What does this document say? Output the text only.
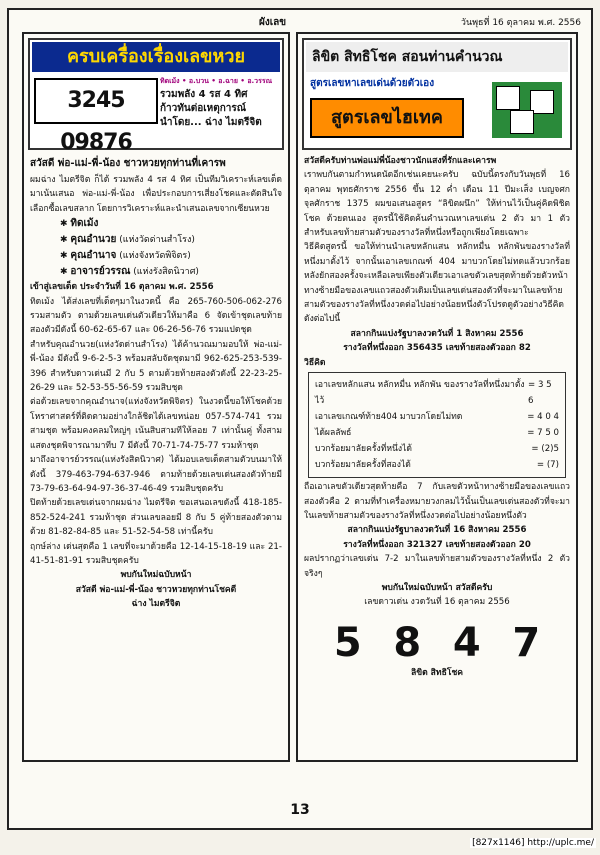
ผังเลข	วันพุธที่ 16 ตุลาคม พ.ศ. 2556
ครบเครื่องเรื่องเลขหวย
3245 09876
ทิดเม้ง • อ.บวน • อ.ฉาย • อ.วรรณ
รวมพลัง 4 รส 4 ทิศ
ก้าวทันต่อเหตุการณ์
นำโดย... ฉ่าง ไมตรีจิต
สวัสดี ชาวหวยทุกท่านที่เคารพ

ผมฉ่าง ไมตรีจิต ก็ได้ รวมพลัง 4 รส 4 ทิศ เป็นทีมวิเคราะห์เลขเด็ด มาเน้นเสนอ พ่อ-แม่-พี่-น้อง เพื่อประกอบการเสี่ยงโชคและตัดสินใจเลือกซื้อเลขสลาก โดยการวิเคราะห์และนำเสนอเลขจากเซียนหวย

✱ ทิดเม้ง
✱ คุณอำนวย (แห่งวัดด่านสำโรง)
✱ คุณอำนาจ (แห่งจังหวัดพิจิตร)
✱ อาจารย์วรรณ (แห่งรังสิตนิวาศ)

เข้าสู่เลขเด็ด ประจำวันที่ 16 ตุลาคม พ.ศ. 2556

ทิดเม้ง ได้ส่งเลขที่เด็ดๆมาในงวดนี้ คือ 265-760-506-062-276 รวมสามตัว ตามด้วยเลขเด่นตัวเดียวให้มาคือ 6 จัดเข้าชุดเลขท้ายสองตัวมีดังนี้ 60-62-65-67 และ 06-26-56-76 รวมแปดชุด

สำหรับคุณอำนวย(แห่งวัดด่านสำโรง) ได้ค้านวณมามอบให้ พ่อ-แม่-พี่-น้อง มีดังนี้ 9-6-2-5-3 พร้อมสลับจัดชุดมามี 962-625-253-539-396 สำหรับดาวเด่นมี 2 กับ 5 ตามด้วยท้ายสองตัวดังนี้ 22-23-25-26-29 และ 52-53-55-56-59 รวมสิบชุด

ต่อด้วยเลขจากคุณอำนาจ(แห่งจังหวัดพิจิตร) ในงวดนี้ขอให้โชคด้วยโหราศาสตร์ที่ติดตามอย่างใกล้ชิดได้เลขหน่อย 057-574-741 รวมสามชุด พร้อมคงคลมใหญ่ๆ เน้นสิบสามทีให้ลอย 7 เท่านั้นคู่ ทั้งสามแสดงชุดพิจารณามาทีบ 7 มีดังนี้ 70-71-74-75-77 รวมห้าชุด

มาถึงอาจารย์วรรณ(แห่งรังสิตนิวาศ) ได้มอบเลขเด็ดสามตัวบนมาให้ดังนี้ 379-463-794-637-946 ตามท้ายด้วยเลขเด่นสองตัวท้ายมี 73-79-63-64-94-97-36-37-46-49 รวมสิบชุดครับ

ปิดท้ายด้วยเลขเด่นจากผมฉ่าง ไมตรีจิต ขอเสนอเลขดังนี้ 418-185-852-524-241 รวมห้าชุด ส่วนเลขลอยมี 8 กับ 5 คู่ท้ายสองตัวตามด้วย 81-82-84-85 และ 51-52-54-58 เท่านี้ครับ

ฤกษ์ล่าง เด่นสุดคือ 1 เลขที่จะมาด้วยคือ 12-14-15-18-19 และ 21-41-51-81-91 รวมสิบชุดครับ

พบกันใหม่ฉบับหน้า

สวัสดี พ่อ-แม่-พี่-น้อง ชาวหวยทุกท่านโชคดี

ฉ่าง ไมตรีจิต

ลิขิต สิทธิโชค สอนท่านคำนวณ
สูตรเลขหาเลขเด่นด้วยตัวเอง
สูตรเลขไฮเทค

สวัสดีครับท่านพ่อแม่พี่น้องชาวนักแสงที่รักและเคารพ

เราพบกันตามกำหนดนัดอีกเช่นเคยนะครับ ฉบับนี้ตรงกับวันพุธที่ 16 ตุลาคม พุทธศักราช 2556 ขึ้น 12 ค่ำ เดือน 11 ปีมะเส็ง เบญจศก จุลศักราช 1375 ผมขอเสนอสูตร “ลิขิตผนึก” ให้ท่านไว้เป็นคู่คิดพิชิตโชค ด้วยตนเอง สูตรนี้ใช้คิดค้นคำนวณหาเลขเด่น 2 ตัว มา 1 ตัว สำหรับเลขท้ายสามตัวของรางวัลที่หนึ่งหรือถูกเพียงโดยเฉพาะ

วิธีคิดสูตรนี้ ขอให้ท่านนำเลขหลักแสน หลักหมื่น หลักพันของรางวัลที่หนึ่งมาตั้งไว้ จากนั้นเอาเลขเกณฑ์ 404 มาบวกโดยไม่ทดแล้วบวกร้อยหลังยักสองครั้งจะเหลือเลขเพียงตัวเดียวเอาเลขตัวเลขสุดท้ายด้วยตัวหน้าทางซ้ายมือของเลขแถวสองตัวเดิมเป็นเลขเด่นสองตัวที่จะมาในเลขท้ายสามตัวของรางวัลที่หนึ่งงวดต่อไปอย่างน้อยหนึ่งตัวโปรดดูตัวอย่างวิธีคิดดังต่อไปนี้

สลากกินแบ่งรัฐบาลงวดวันที่ 1 สิงหาคม 2556

รางวัลที่หนึ่งออก 356435 เลขท้ายสองตัวออก 82

วิธีคิด

เอาเลขหลักแสน หลักหมื่น หลักพัน ของรางวัลที่หนึ่งมาตั้งไว้
= 3 5 6
เอาเลขเกณฑ์ท้าย404 มาบวกโดยไม่ทด	= 4 0 4
ได้ผลลัพธ์	= 7 5 0
บวกร้อยมาลัยครั้งที่หนึ่งได้	= (2)5
บวกร้อยมาลัยครั้งที่สองได้	= (7)

ถือเอาเลขตัวเดียวสุดท้ายคือ 7 กับเลขตัวหน้าทางซ้ายมือของเลขแถวสองตัวคือ 2 ตามที่ทำเครื่องหมายวงกลมไว้นั้นเป็นเลขเด่นสองตัวที่จะมาในเลขท้ายสามตัวของรางวัลที่หนึ่งงวดต่อไปอย่างน้อยหนึ่งตัว

สลากกินแบ่งรัฐบาลงวดวันที่ 16 สิงหาคม 2556

รางวัลที่หนึ่งออก 321327 เลขท้ายสองตัวออก 20

ผลปรากฏว่าเลขเด่น 7-2 มาในเลขท้ายสามตัวของรางวัลที่หนึ่ง 2 ตัวจริงๆ

พบกันใหม่ฉบับหน้า สวัสดีครับ

เลขดาวเด่น งวดวันที่ 16 ตุลาคม 2556

5 8 4 7
ลิขิต สิทธิโชค
13
[827x1146] http://uplc.me/
